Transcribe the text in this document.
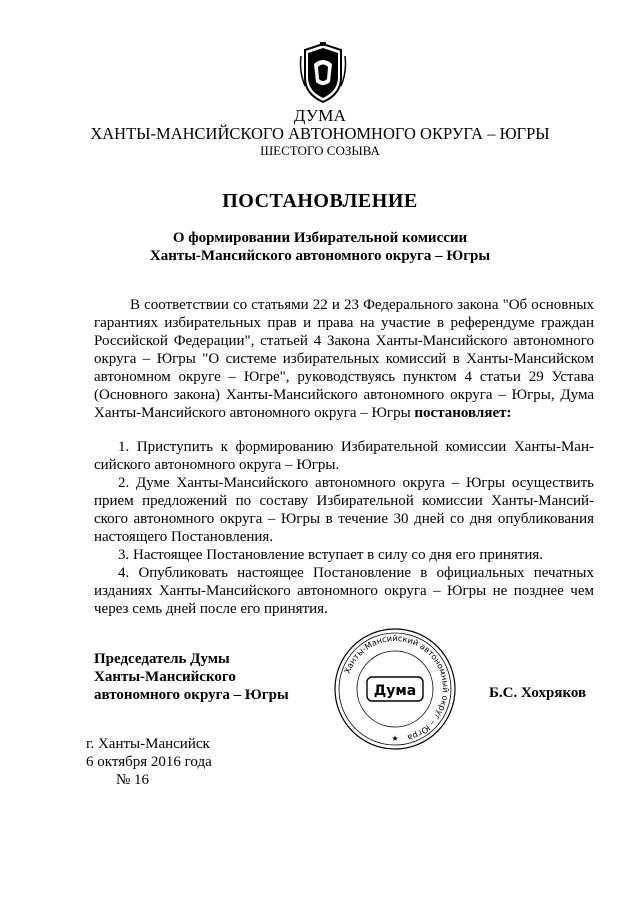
ДУМА
ХАНТЫ-МАНСИЙСКОГО АВТОНОМНОГО ОКРУГА – ЮГРЫ
ШЕСТОГО СОЗЫВА
ПОСТАНОВЛЕНИЕ
О формировании Избирательной комиссии
Ханты-Мансийского автономного округа – Югры
В соответствии со статьями 22 и 23 Федерального закона "Об основных
гарантиях избирательных прав и права на участие в референдуме граждан
Российской Федерации", статьей 4 Закона Ханты-Мансийского автономного
округа – Югры "О системе избирательных комиссий в Ханты-Мансийском
автономном округе – Югре", руководствуясь пунктом 4 статьи 29 Устава
(Основного закона) Ханты-Мансийского автономного округа – Югры, Дума
Ханты-Мансийского автономного округа – Югры постановляет:
1. Приступить к формированию Избирательной комиссии Ханты-Ман-
сийского автономного округа – Югры.
2. Думе Ханты-Мансийского автономного округа – Югры осуществить
прием предложений по составу Избирательной комиссии Ханты-Мансий-
ского автономного округа – Югры в течение 30 дней со дня опубликования
настоящего Постановления.
3. Настоящее Постановление вступает в силу со дня его принятия.
4. Опубликовать настоящее Постановление в официальных печатных
изданиях Ханты-Мансийского автономного округа – Югры не позднее чем
через семь дней после его принятия.
Председатель Думы
Ханты-Мансийского
автономного округа – Югры
Ханты-Мансийский автономный округ – Югра
Дума
★
Б.С. Хохряков
г. Ханты-Мансийск
6 октября 2016 года
№ 16
